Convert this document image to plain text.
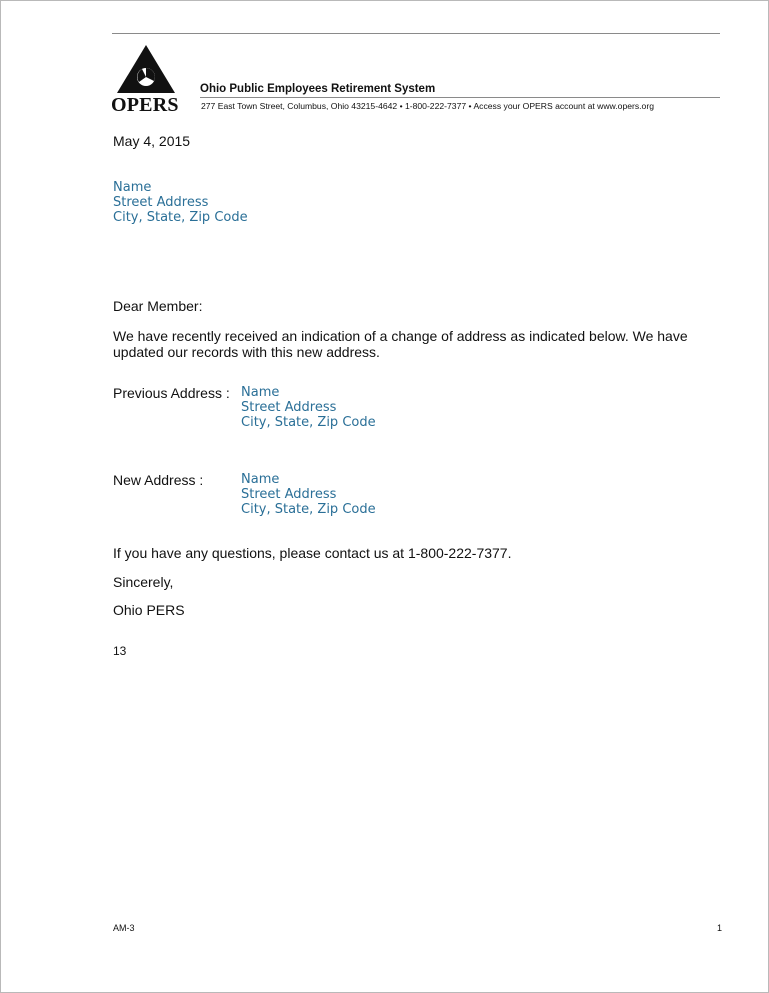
OPERS
Ohio Public Employees Retirement System
277 East Town Street, Columbus, Ohio 43215-4642 • 1-800-222-7377 • Access your OPERS account at www.opers.org
May 4, 2015
Name
Street Address
City, State, Zip Code
Dear Member:
We have recently received an indication of a change of address as indicated below. We have
updated our records with this new address.
Previous Address : Name
Street Address
City, State, Zip Code
New Address :	Name
Street Address
City, State, Zip Code
If you have any questions, please contact us at 1-800-222-7377.
Sincerely,
Ohio PERS
13
AM-3	1
